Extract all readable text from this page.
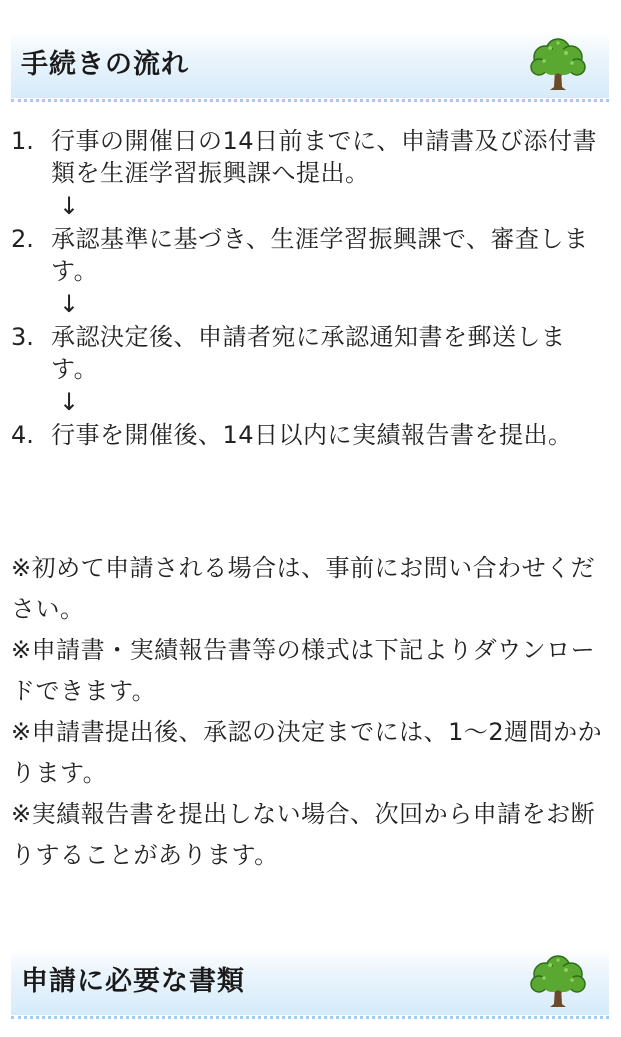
手続きの流れ
1. 行事の開催日の14日前までに、申請書及び添付書類を生涯学習振興課へ提出。
↓
2. 承認基準に基づき、生涯学習振興課で、審査します。
↓
3. 承認決定後、申請者宛に承認通知書を郵送します。
↓
4. 行事を開催後、14日以内に実績報告書を提出。
※初めて申請される場合は、事前にお問い合わせください。
※申請書・実績報告書等の様式は下記よりダウンロードできます。
※申請書提出後、承認の決定までには、1〜2週間かかります。
※実績報告書を提出しない場合、次回から申請をお断りすることがあります。
申請に必要な書類
